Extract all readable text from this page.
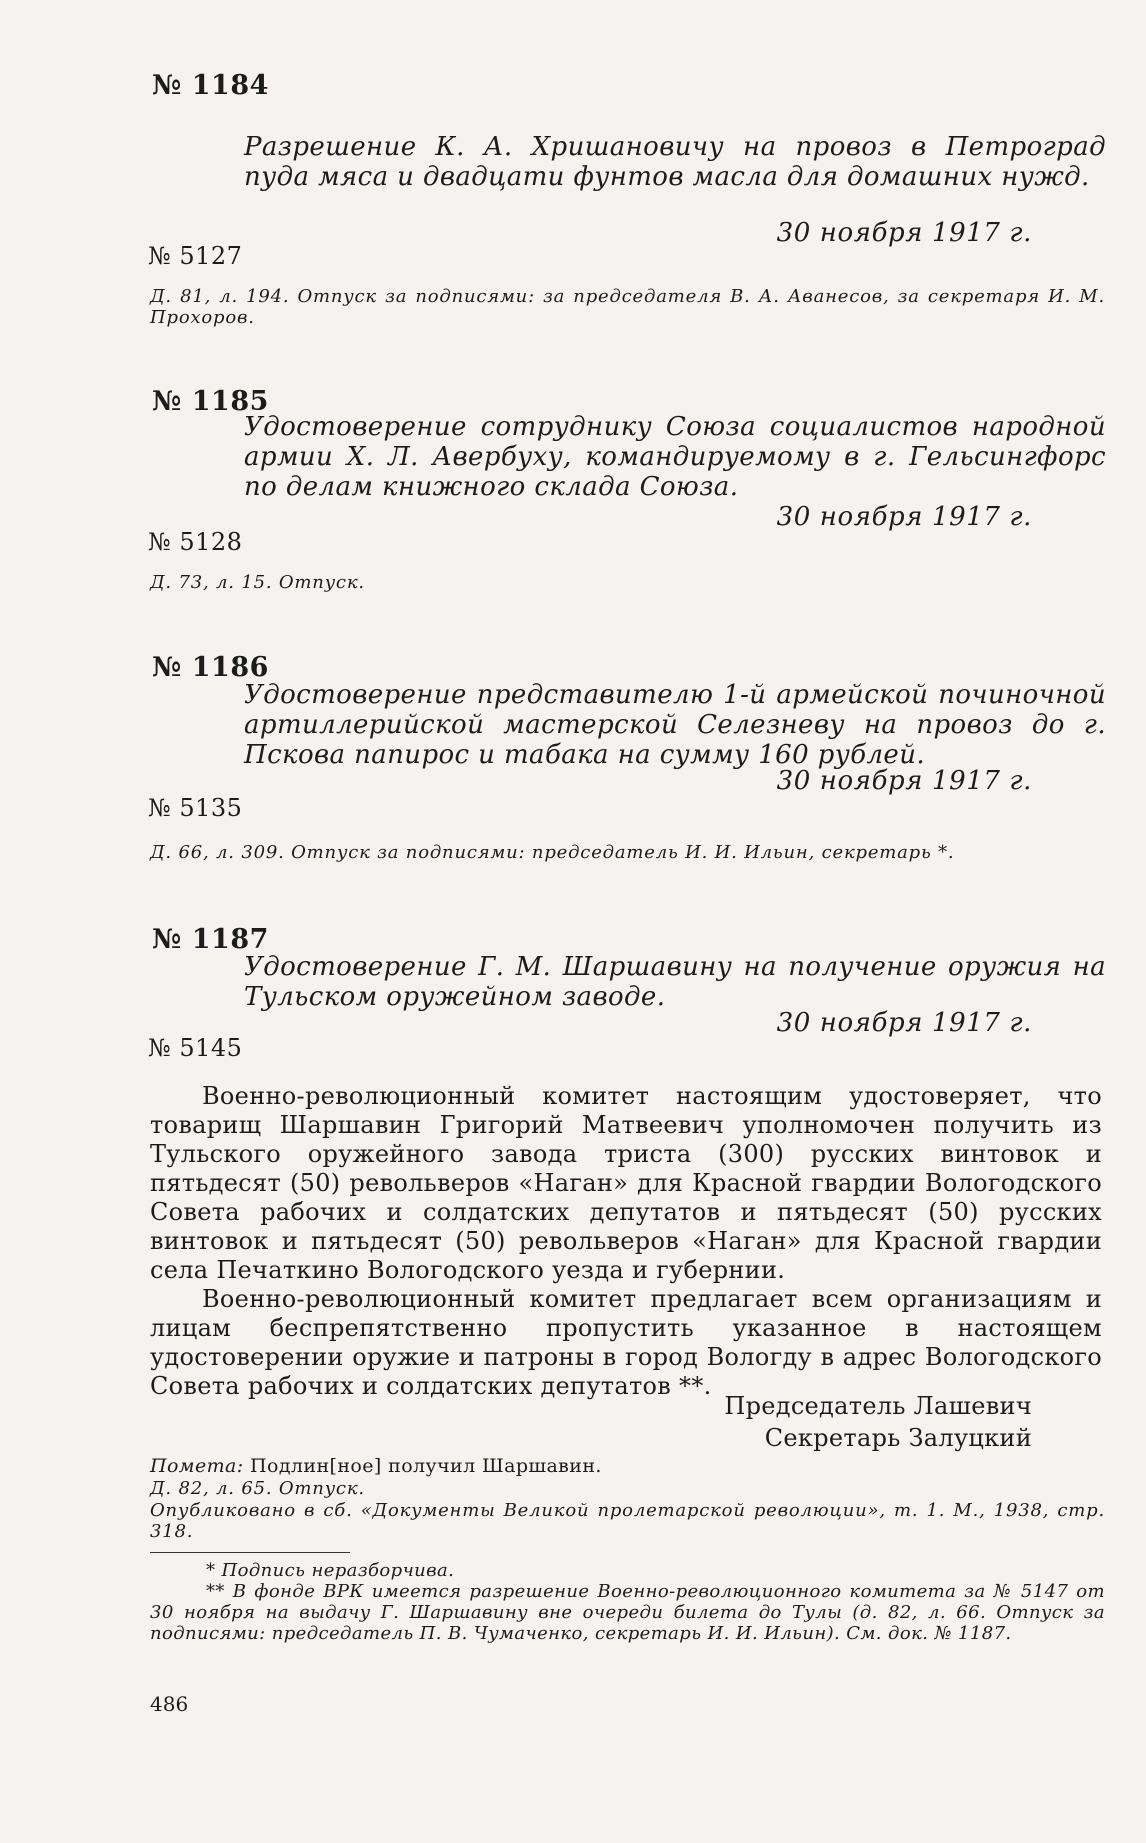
№ 1184
Разрешение К. А. Хришановичу на провоз в Петроград пуда мяса и двадцати фунтов масла для домашних нужд.
30 ноября 1917 г.
№ 5127
Д. 81, л. 194. Отпуск за подписями: за председателя В. А. Аванесов, за секретаря И. М. Прохоров.
№ 1185
Удостоверение сотруднику Союза социалистов народной армии Х. Л. Авербуху, командируемому в г. Гельсингфорс по делам книжного склада Союза.
30 ноября 1917 г.
№ 5128
Д. 73, л. 15. Отпуск.
№ 1186
Удостоверение представителю 1-й армейской починочной артиллерийской мастерской Селезневу на провоз до г. Пскова папирос и табака на сумму 160 рублей.
30 ноября 1917 г.
№ 5135
Д. 66, л. 309. Отпуск за подписями: председатель И. И. Ильин, секретарь *.
№ 1187
Удостоверение Г. М. Шаршавину на получение оружия на Тульском оружейном заводе.
30 ноября 1917 г.
№ 5145

Военно-революционный комитет настоящим удостоверяет, что товарищ Шаршавин Григорий Матвеевич уполномочен получить из Тульского оружейного завода триста (300) русских винтовок и пятьдесят (50) револьверов «Наган» для Красной гвардии Вологодского Совета рабочих и солдатских депутатов и пятьдесят (50) русских винтовок и пятьдесят (50) револьверов «Наган» для Красной гвардии села Печаткино Вологодского уезда и губернии.

Военно-революционный комитет предлагает всем организациям и лицам беспрепятственно пропустить указанное в настоящем удостоверении оружие и патроны в город Вологду в адрес Вологодского Совета рабочих и солдатских депутатов **.

Председатель Лашевич
Секретарь Залуцкий
Помета: Подлин[ное] получил Шаршавин.
Д. 82, л. 65. Отпуск.
Опубликовано в сб. «Документы Великой пролетарской революции», т. 1. М., 1938, стр. 318.
* Подпись неразборчива.
** В фонде ВРК имеется разрешение Военно-революционного комитета за № 5147 от 30 ноября на выдачу Г. Шаршавину вне очереди билета до Тулы (д. 82, л. 66. Отпуск за подписями: председатель П. В. Чумаченко, секретарь И. И. Ильин). См. док. № 1187.
486
